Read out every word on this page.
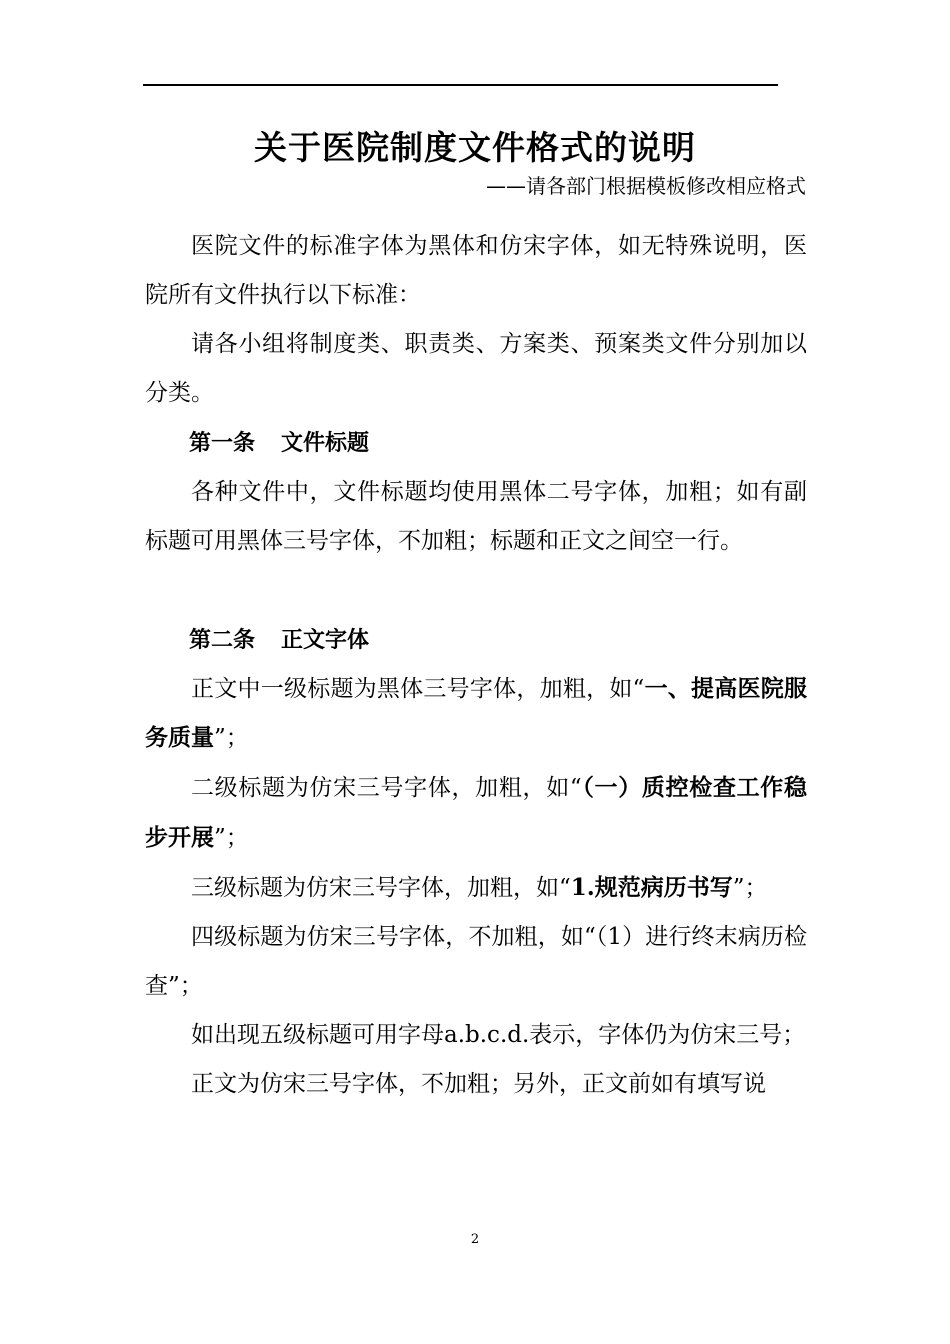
关于医院制度文件格式的说明
——请各部门根据模板修改相应格式

医院文件的标准字体为黑体和仿宋字体，如无特殊说明，医院所有文件执行以下标准：

请各小组将制度类、职责类、方案类、预案类文件分别加以分类。

第一条 文件标题

各种文件中，文件标题均使用黑体二号字体，加粗；如有副标题可用黑体三号字体，不加粗；标题和正文之间空一行。

第二条 正文字体

正文中一级标题为黑体三号字体，加粗，如“一、提高医院服务质量”；

二级标题为仿宋三号字体，加粗，如“（一）质控检查工作稳步开展”；

三级标题为仿宋三号字体，加粗，如“1.规范病历书写”；

四级标题为仿宋三号字体，不加粗，如“（1）进行终末病历检查”；

如出现五级标题可用字母a.b.c.d.表示，字体仍为仿宋三号；

正文为仿宋三号字体，不加粗；另外，正文前如有填写说

2
